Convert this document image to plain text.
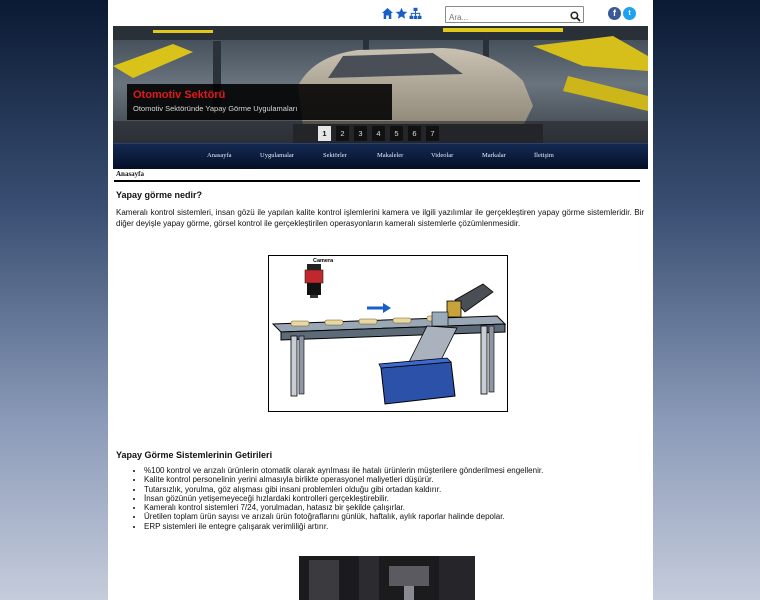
Ara...
f	t
Otomotiv Sektörü
Otomotiv Sektöründe Yapay Görme Uygulamaları
1	2	3	4	5	6	7
Anasayfa	Uygulamalar	Sektörler	Makaleler	Videolar	Markalar	İletişim
Anasayfa
Yapay görme nedir?

Kameralı kontrol sistemleri, insan gözü ile yapılan kalite kontrol işlemlerini kamera ve ilgili yazılımlar ile gerçekleştiren yapay görme sistemleridir. Bir diğer deyişle yapay görme, görsel kontrol ile gerçekleştirilen operasyonların kameralı sistemlerle çözümlenmesidir.

Camera
Yapay Görme Sistemlerinin Getirileri
• %100 kontrol ve arızalı ürünlerin otomatik olarak ayrılması ile hatalı ürünlerin müşterilere gönderilmesi engellenir.
• Kalite kontrol personelinin yerini almasıyla birlikte operasyonel maliyetleri düşürür.
• Tutarsızlık, yorulma, göz alışması gibi insani problemleri olduğu gibi ortadan kaldırır.
• İnsan gözünün yetişemeyeceği hızlardaki kontrolleri gerçekleştirebilir.
• Kameralı kontrol sistemleri 7/24, yorulmadan, hatasız bir şekilde çalışırlar.
• Üretilen toplam ürün sayısı ve arızalı ürün fotoğraflarını günlük, haftalık, aylık raporlar halinde depolar.
• ERP sistemleri ile entegre çalışarak verimliliği artırır.
